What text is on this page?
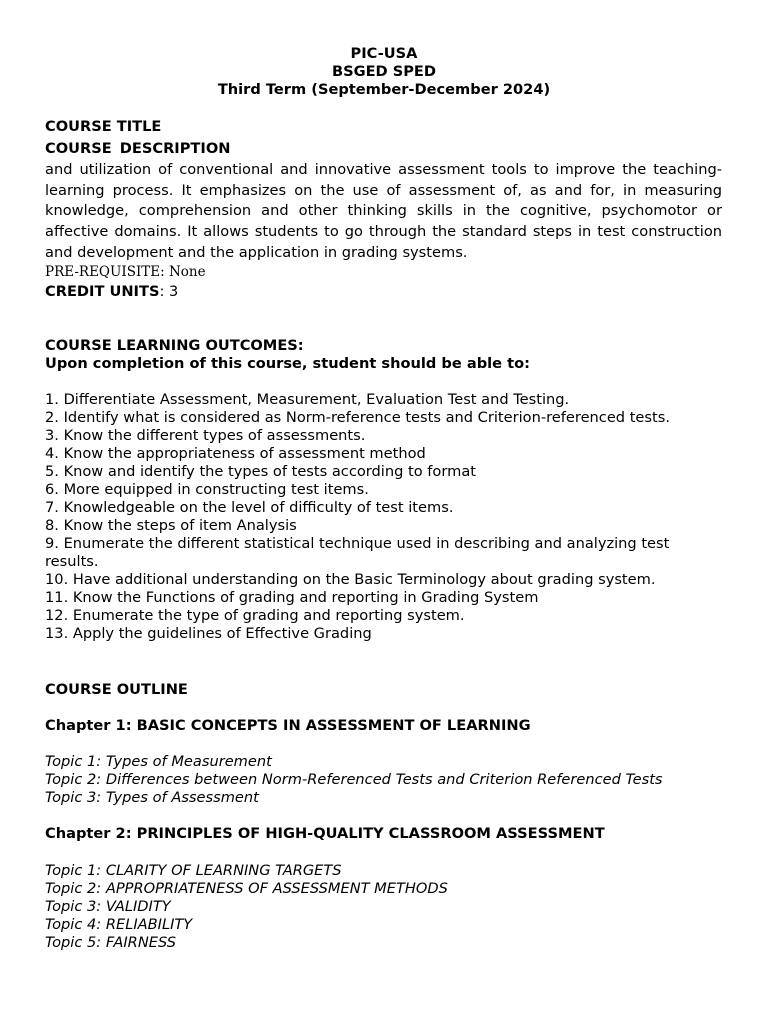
PIC-USA
BSGED SPED
Third Term (September-December 2024)
COURSE TITLE
COURSE DESCRIPTION
and utilization of conventional and innovative assessment tools to improve the teaching-learning process. It emphasizes on the use of assessment of, as and for, in measuring knowledge, comprehension and other thinking skills in the cognitive, psychomotor or affective domains. It allows students to go through the standard steps in test construction and development and the application in grading systems.
PRE-REQUISITE: None
CREDIT UNITS: 3
COURSE LEARNING OUTCOMES:
Upon completion of this course, student should be able to:
1. Differentiate Assessment, Measurement, Evaluation Test and Testing.
2. Identify what is considered as Norm-reference tests and Criterion-referenced tests.
3. Know the different types of assessments.
4. Know the appropriateness of assessment method
5. Know and identify the types of tests according to format
6. More equipped in constructing test items.
7. Knowledgeable on the level of difficulty of test items.
8. Know the steps of item Analysis
9. Enumerate the different statistical technique used in describing and analyzing test results.
10. Have additional understanding on the Basic Terminology about grading system.
11. Know the Functions of grading and reporting in Grading System
12. Enumerate the type of grading and reporting system.
13. Apply the guidelines of Effective Grading
COURSE OUTLINE
Chapter 1: BASIC CONCEPTS IN ASSESSMENT OF LEARNING
Topic 1: Types of Measurement
Topic 2: Differences between Norm-Referenced Tests and Criterion Referenced Tests
Topic 3: Types of Assessment
Chapter 2: PRINCIPLES OF HIGH-QUALITY CLASSROOM ASSESSMENT
Topic 1: CLARITY OF LEARNING TARGETS
Topic 2: APPROPRIATENESS OF ASSESSMENT METHODS
Topic 3: VALIDITY
Topic 4: RELIABILITY
Topic 5: FAIRNESS
